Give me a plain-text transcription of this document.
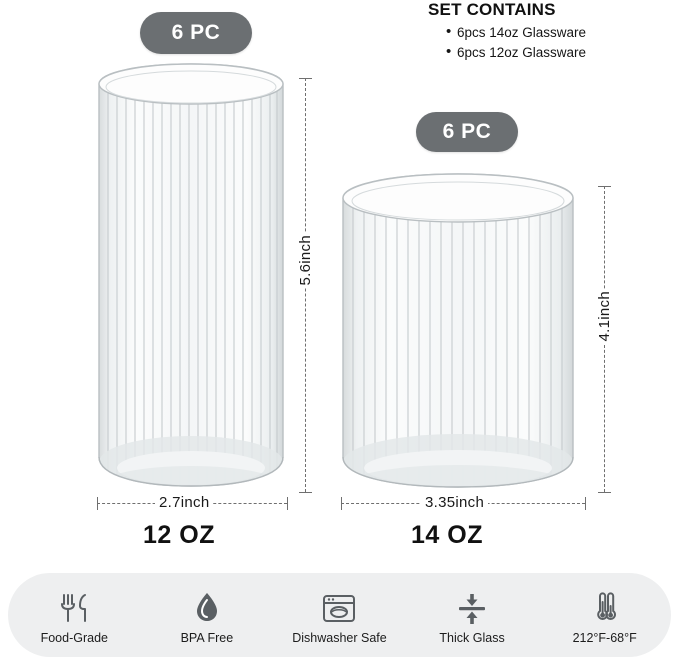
SET CONTAINS
• 6pcs 14oz Glassware
• 6pcs 12oz Glassware
6 PC
6 PC
5.6inch
2.7inch
4.1inch
3.35inch
12 OZ	14 OZ
Food-Grade	BPA Free	Dishwasher Safe	Thick Glass	212°F-68°F
